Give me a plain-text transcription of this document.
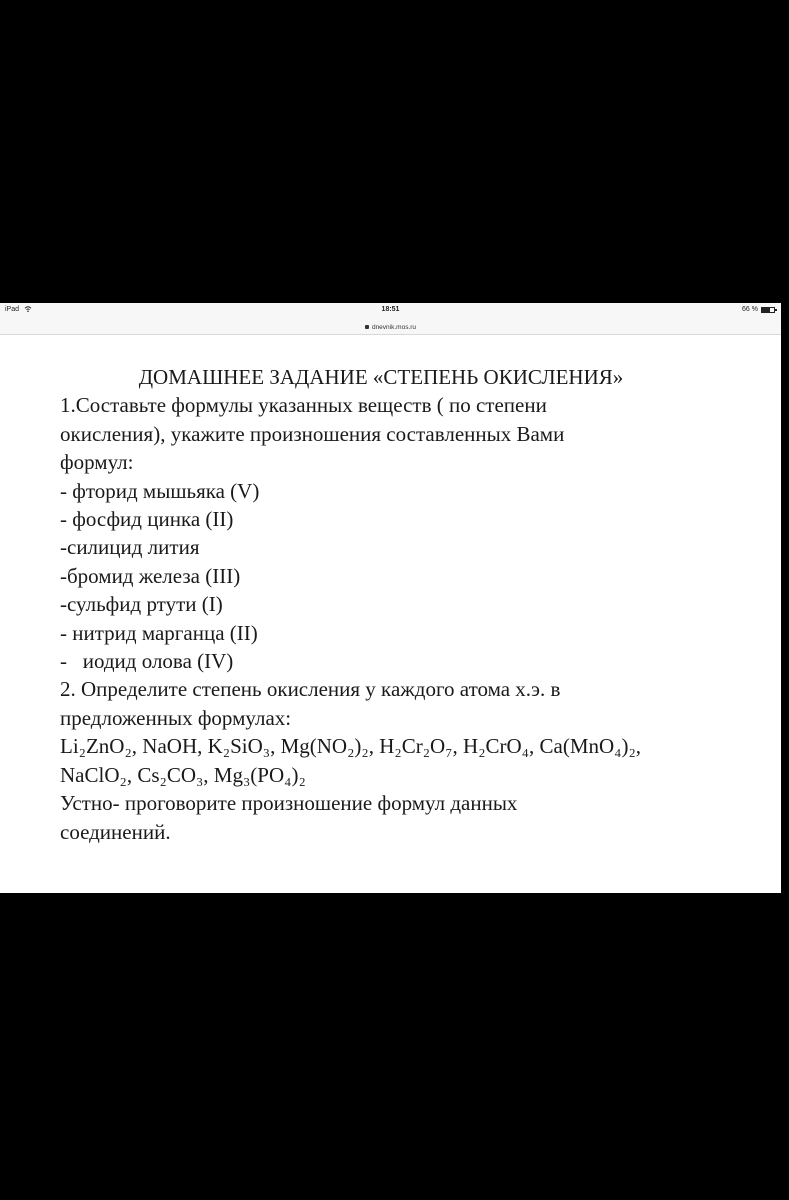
iPad	18:51	66 %
dnevnik.mos.ru
ДОМАШНЕЕ ЗАДАНИЕ «СТЕПЕНЬ ОКИСЛЕНИЯ»
1.Составьте формулы указанных веществ ( по степени
окисления), укажите произношения составленных Вами
формул:
- фторид мышьяка (V)
- фосфид цинка (II)
-силицид лития
-бромид железа (III)
-сульфид ртути (I)
- нитрид марганца (II)
-   иодид олова (IV)
2. Определите степень окисления у каждого атома х.э. в
предложенных формулах:
Li₂ZnO₂, NaOH, K₂SiO₃, Mg(NO₂)₂, H₂Cr₂O₇, H₂CrO₄, Ca(MnO₄)₂,
NaClO₂, Cs₂CO₃, Mg₃(PO₄)₂
Устно- проговорите произношение формул данных
соединений.
